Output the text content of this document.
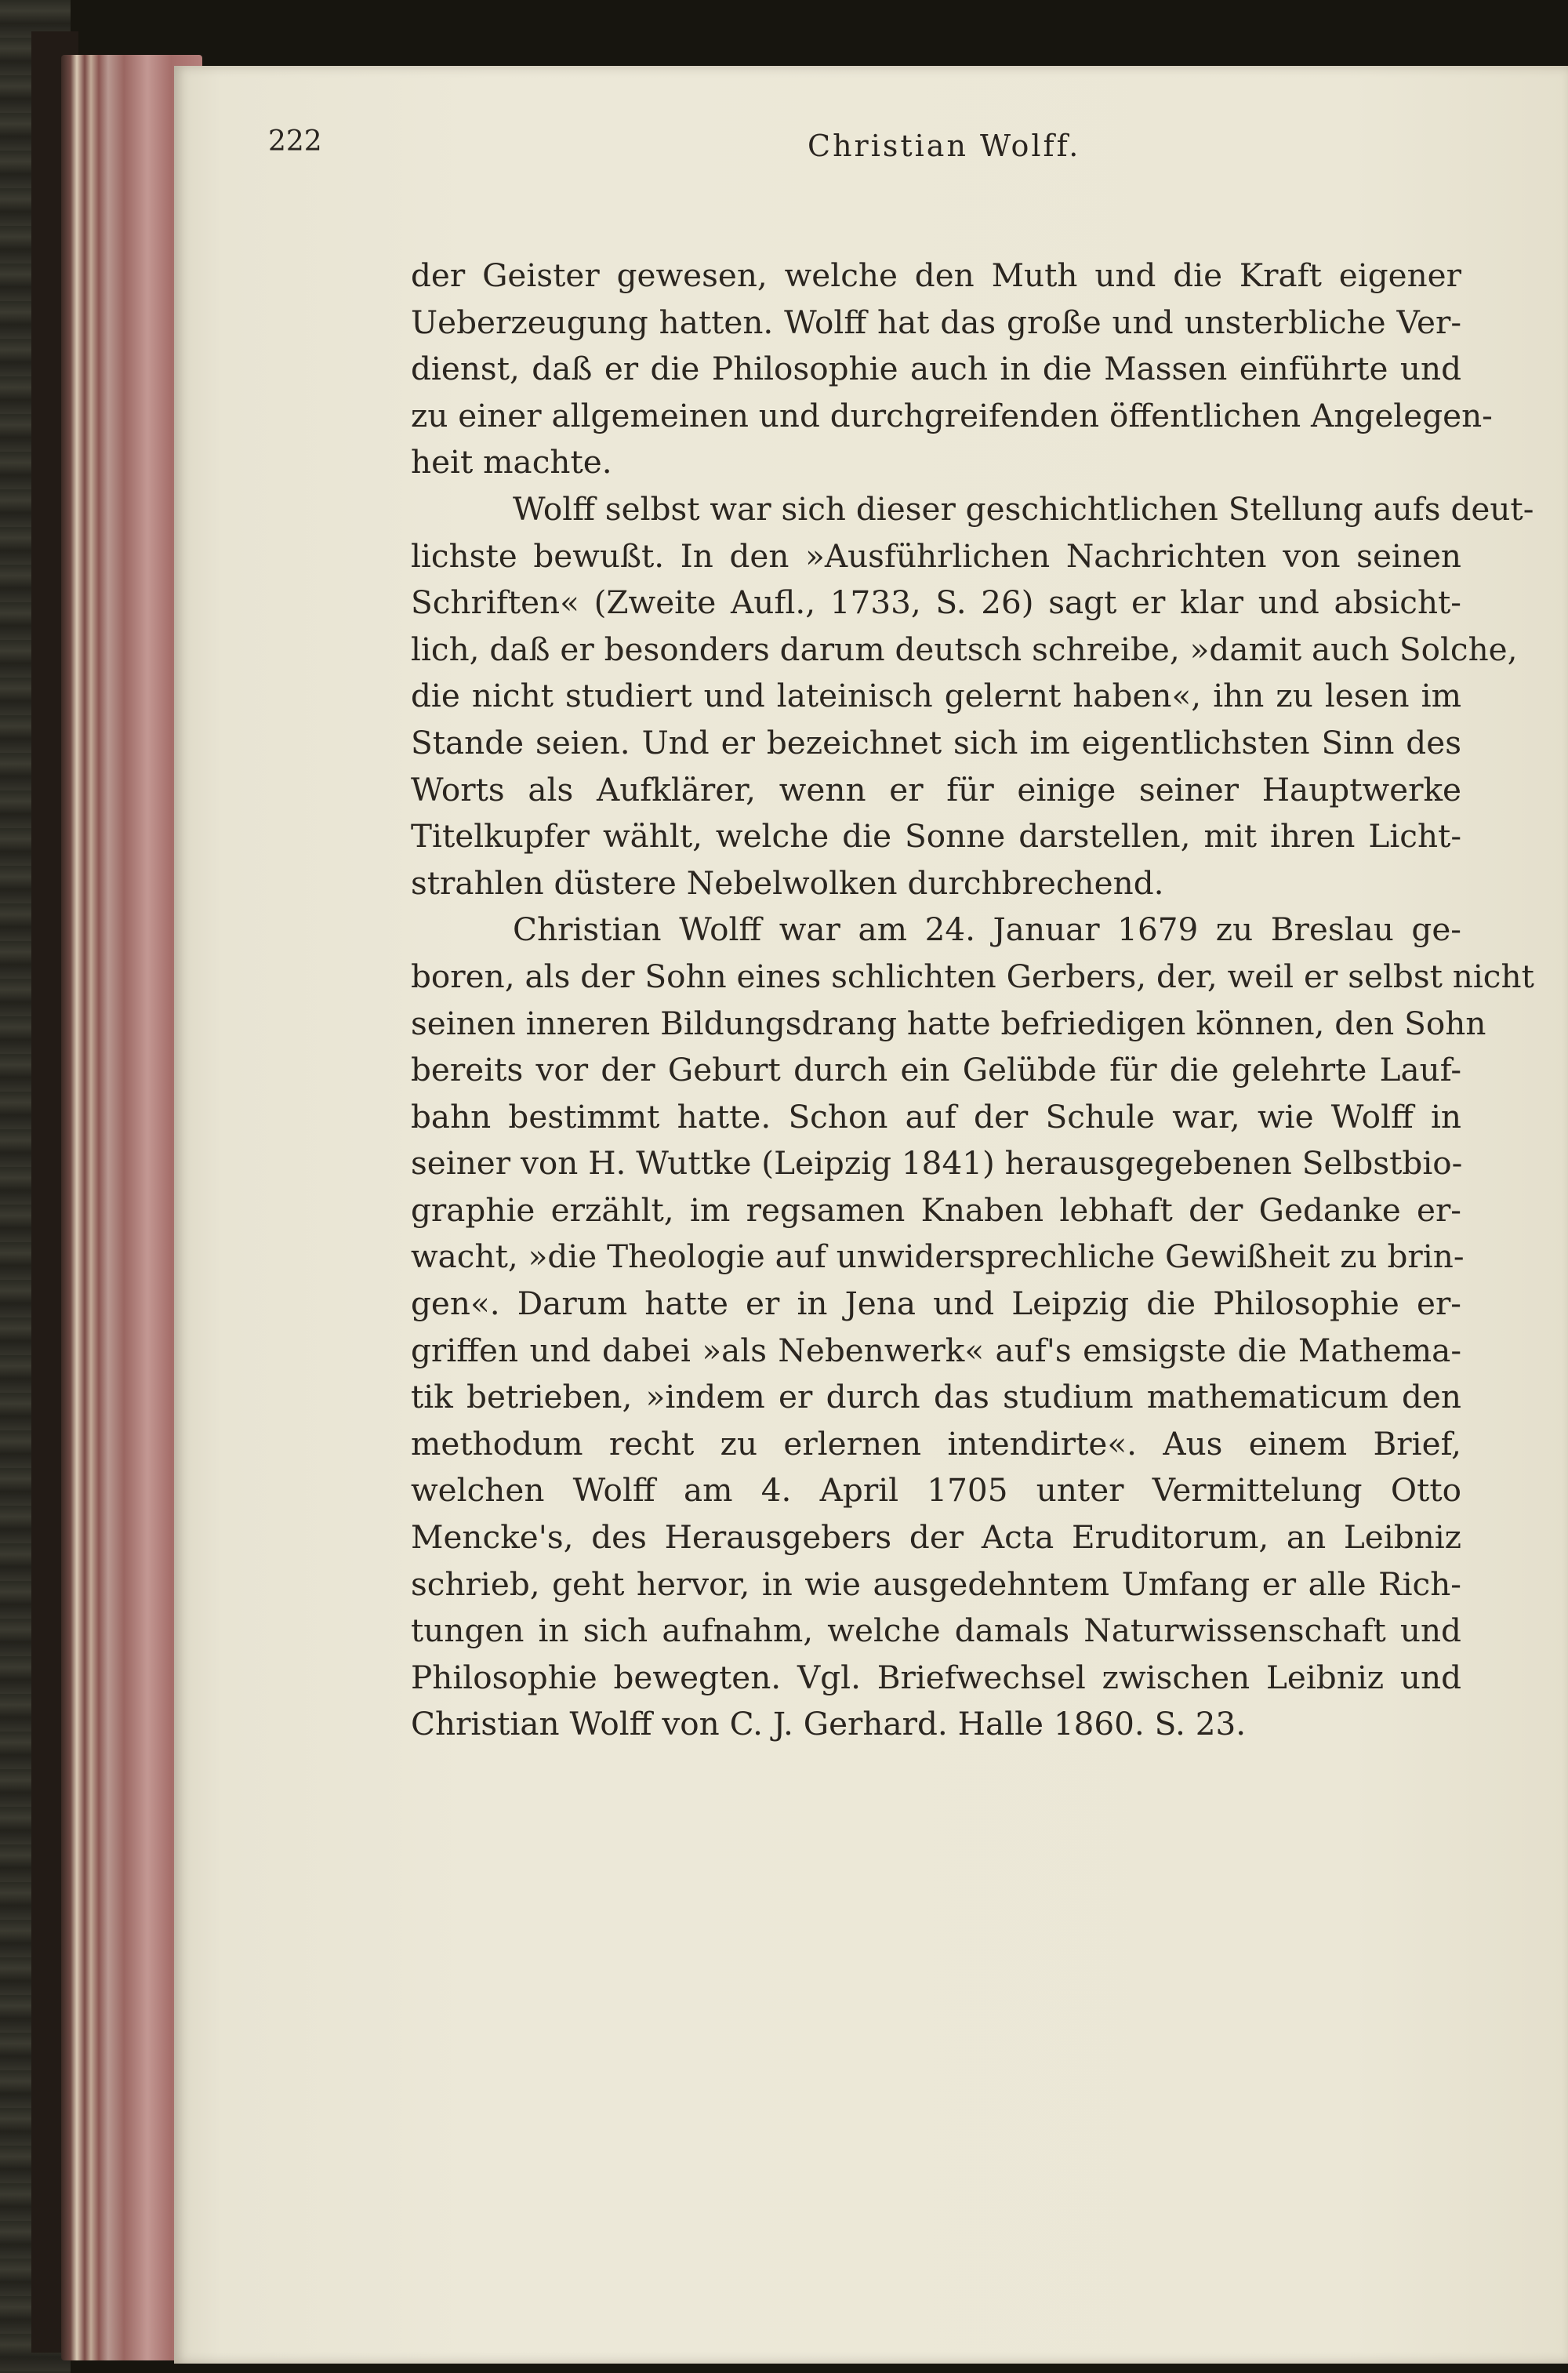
222	Christian Wolff.
der Geister gewesen, welche den Muth und die Kraft eigener
Ueberzeugung hatten. Wolff hat das große und unsterbliche Ver-
dienst, daß er die Philosophie auch in die Massen einführte und
zu einer allgemeinen und durchgreifenden öffentlichen Angelegen-
heit machte.
Wolff selbst war sich dieser geschichtlichen Stellung aufs deut-
lichste bewußt. In den »Ausführlichen Nachrichten von seinen
Schriften« (Zweite Aufl., 1733, S. 26) sagt er klar und absicht-
lich, daß er besonders darum deutsch schreibe, »damit auch Solche,
die nicht studiert und lateinisch gelernt haben«, ihn zu lesen im
Stande seien. Und er bezeichnet sich im eigentlichsten Sinn des
Worts als Aufklärer, wenn er für einige seiner Hauptwerke
Titelkupfer wählt, welche die Sonne darstellen, mit ihren Licht-
strahlen düstere Nebelwolken durchbrechend.
Christian Wolff war am 24. Januar 1679 zu Breslau ge-
boren, als der Sohn eines schlichten Gerbers, der, weil er selbst nicht
seinen inneren Bildungsdrang hatte befriedigen können, den Sohn
bereits vor der Geburt durch ein Gelübde für die gelehrte Lauf-
bahn bestimmt hatte. Schon auf der Schule war, wie Wolff in
seiner von H. Wuttke (Leipzig 1841) herausgegebenen Selbstbio-
graphie erzählt, im regsamen Knaben lebhaft der Gedanke er-
wacht, »die Theologie auf unwidersprechliche Gewißheit zu brin-
gen«. Darum hatte er in Jena und Leipzig die Philosophie er-
griffen und dabei »als Nebenwerk« auf's emsigste die Mathema-
tik betrieben, »indem er durch das studium mathematicum den
methodum recht zu erlernen intendirte«. Aus einem Brief,
welchen Wolff am 4. April 1705 unter Vermittelung Otto
Mencke's, des Herausgebers der Acta Eruditorum, an Leibniz
schrieb, geht hervor, in wie ausgedehntem Umfang er alle Rich-
tungen in sich aufnahm, welche damals Naturwissenschaft und
Philosophie bewegten. Vgl. Briefwechsel zwischen Leibniz und
Christian Wolff von C. J. Gerhard. Halle 1860. S. 23.
